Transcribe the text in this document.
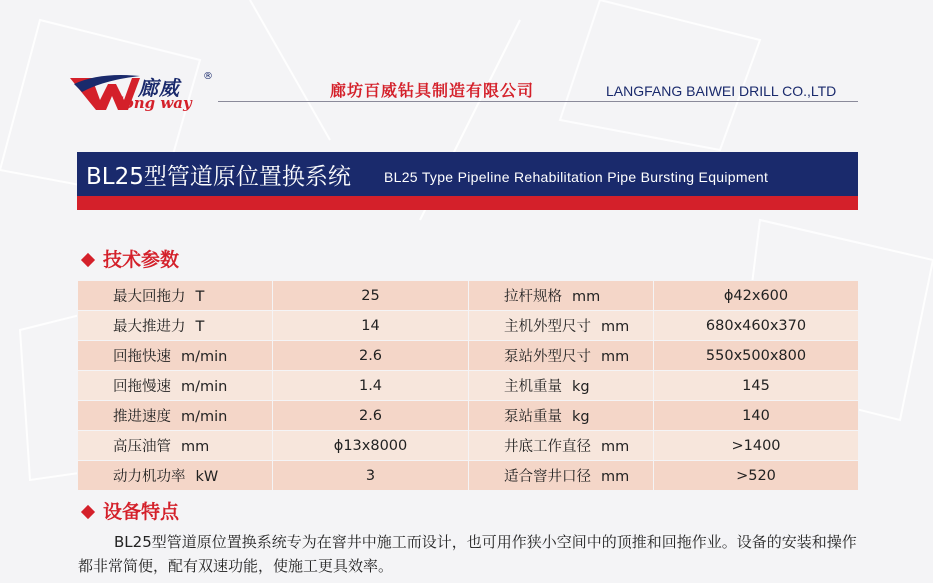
廊威 ®
long way
廊坊百威钻具制造有限公司	LANGFANG BAIWEI DRILL CO.,LTD
BL25型管道原位置换系统 BL25 Type Pipeline Rehabilitation Pipe Bursting Equipment
技术参数
最大回拖力 T	25	拉杆规格 mm	ϕ42x600
最大推进力 T	14	主机外型尺寸 mm	680x460x370
回拖快速 m/min	2.6	泵站外型尺寸 mm	550x500x800
回拖慢速 m/min	1.4	主机重量 kg	145
推进速度 m/min	2.6	泵站重量 kg	140
高压油管 mm	ϕ13x8000	井底工作直径 mm	>1400
动力机功率 kW	3	适合窨井口径 mm	>520
设备特点
BL25型管道原位置换系统专为在窨井中施工而设计，也可用作狭小空间中的顶推和回拖作业。设备的安装和操作都非常简便，配有双速功能，使施工更具效率。
